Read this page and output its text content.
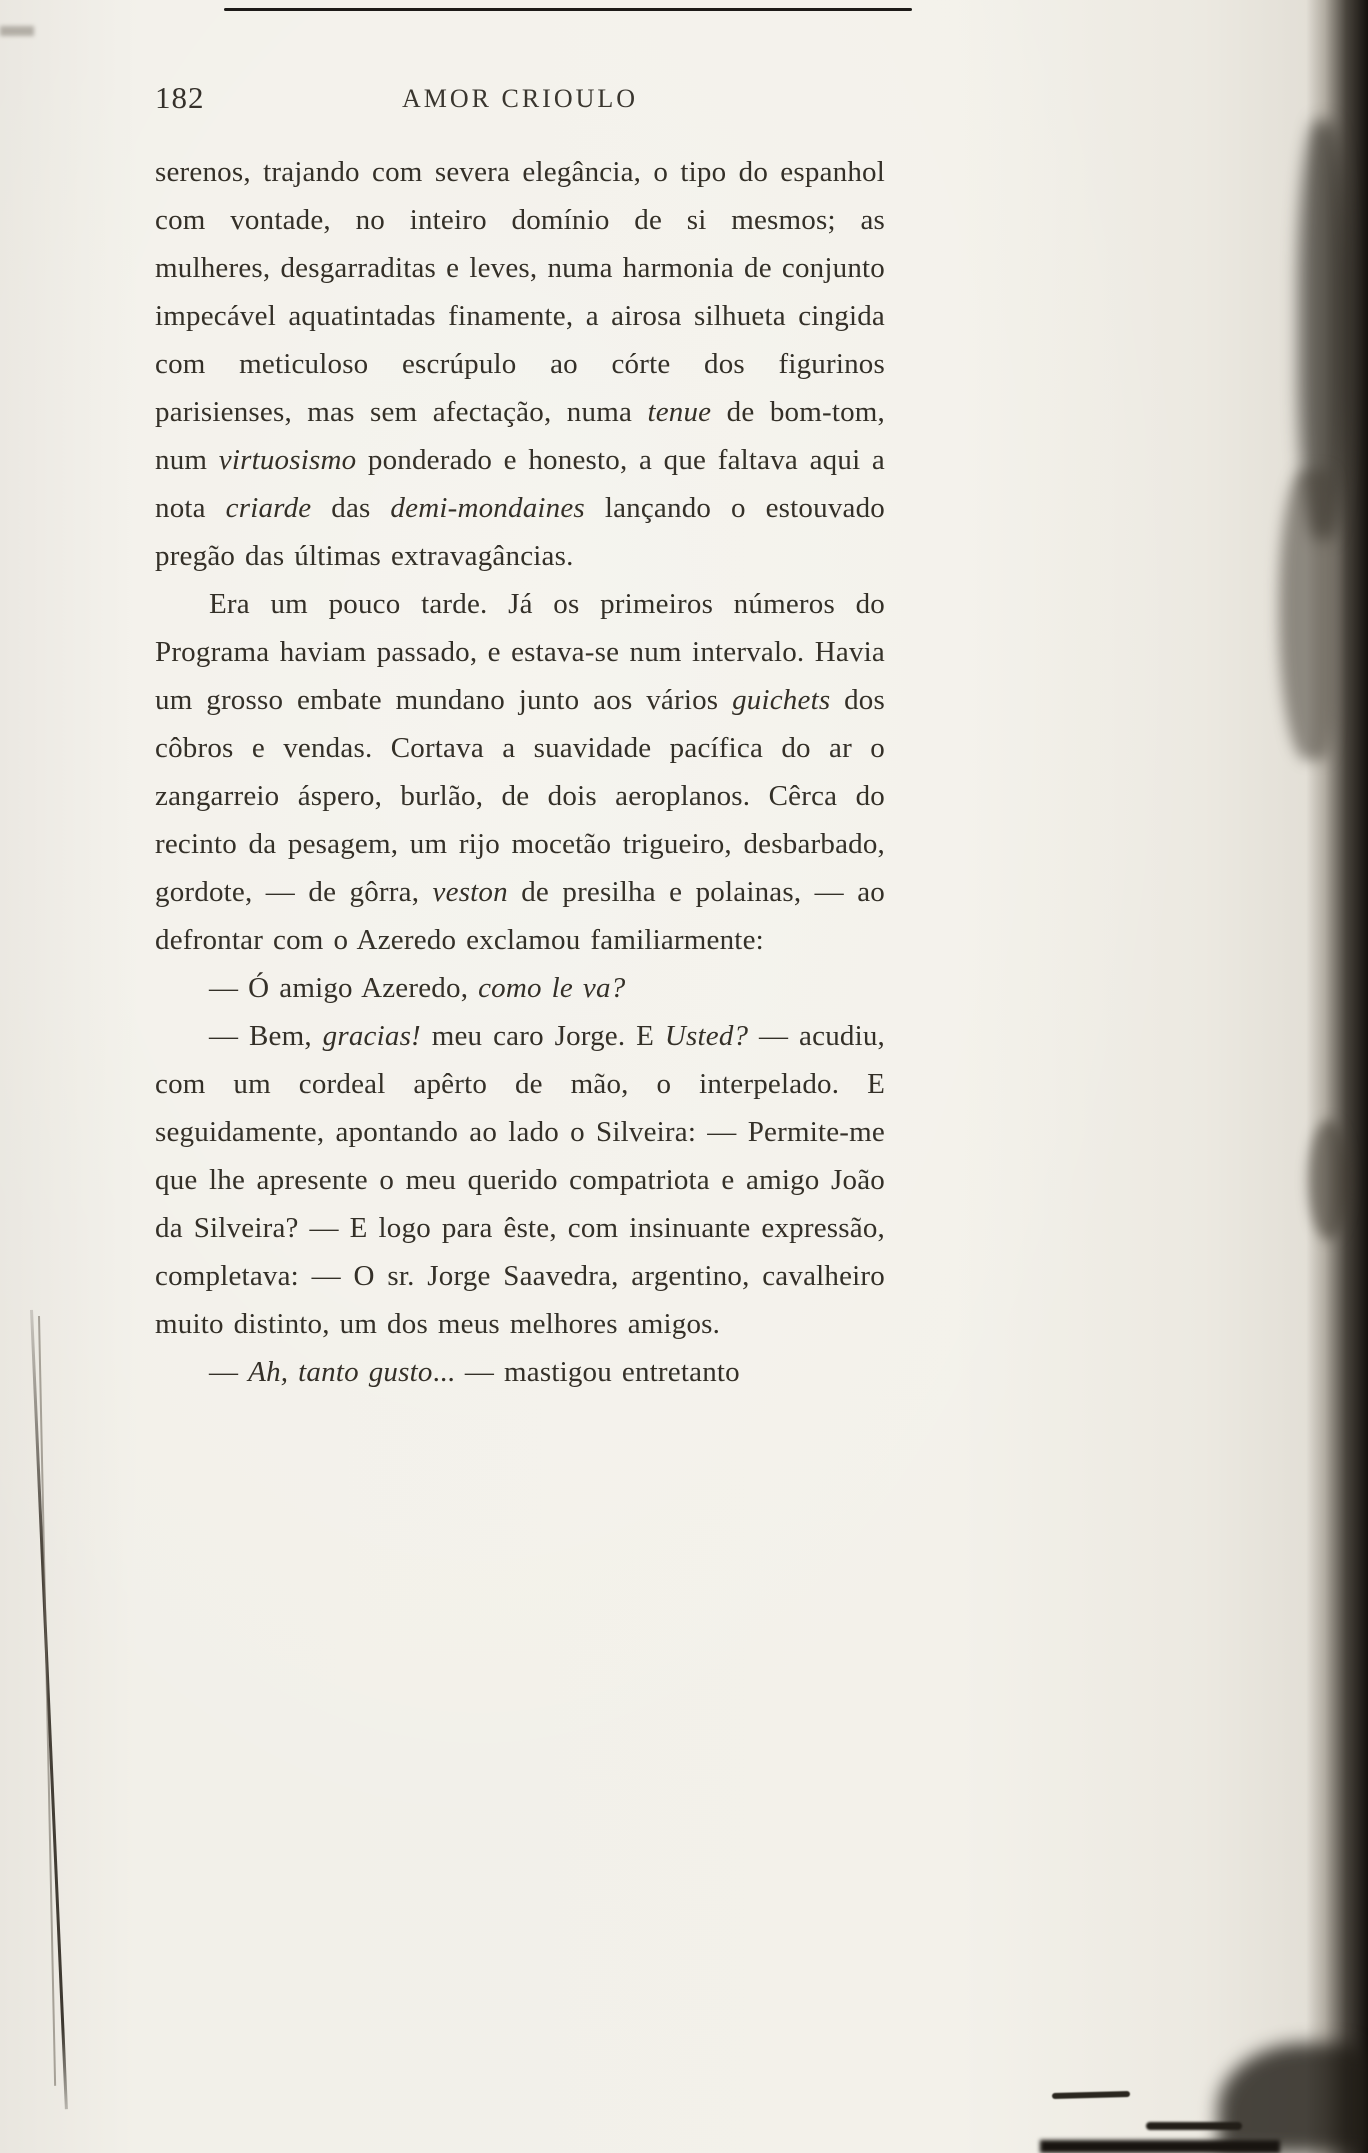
182	AMOR CRIOULO

serenos, trajando com severa elegância, o tipo do espanhol com vontade, no inteiro domínio de si mesmos; as mulheres, desgarraditas e leves, numa harmonia de conjunto impecável aquatintadas finamente, a airosa silhueta cingida com meticuloso escrúpulo ao córte dos figurinos parisienses, mas sem afectação, numa tenue de bom-tom, num virtuosismo ponderado e honesto, a que faltava aqui a nota criarde das demi-mondaines lançando o estouvado pregão das últimas extravagâncias.

Era um pouco tarde. Já os primeiros números do Programa haviam passado, e estava-se num intervalo. Havia um grosso embate mundano junto aos vários guichets dos côbros e vendas. Cortava a suavidade pacífica do ar o zangarreio áspero, burlão, de dois aeroplanos. Cêrca do recinto da pesagem, um rijo mocetão trigueiro, desbarbado, gordote, — de gôrra, veston de presilha e polainas, — ao defrontar com o Azeredo exclamou familiarmente:

— Ó amigo Azeredo, como le va?

— Bem, gracias! meu caro Jorge. E Usted? — acudiu, com um cordeal apêrto de mão, o interpelado. E seguidamente, apontando ao lado o Silveira: — Permite-me que lhe apresente o meu querido compatriota e amigo João da Silveira? — E logo para êste, com insinuante expressão, completava: — O sr. Jorge Saavedra, argentino, cavalheiro muito distinto, um dos meus melhores amigos.

— Ah, tanto gusto... — mastigou entretanto
